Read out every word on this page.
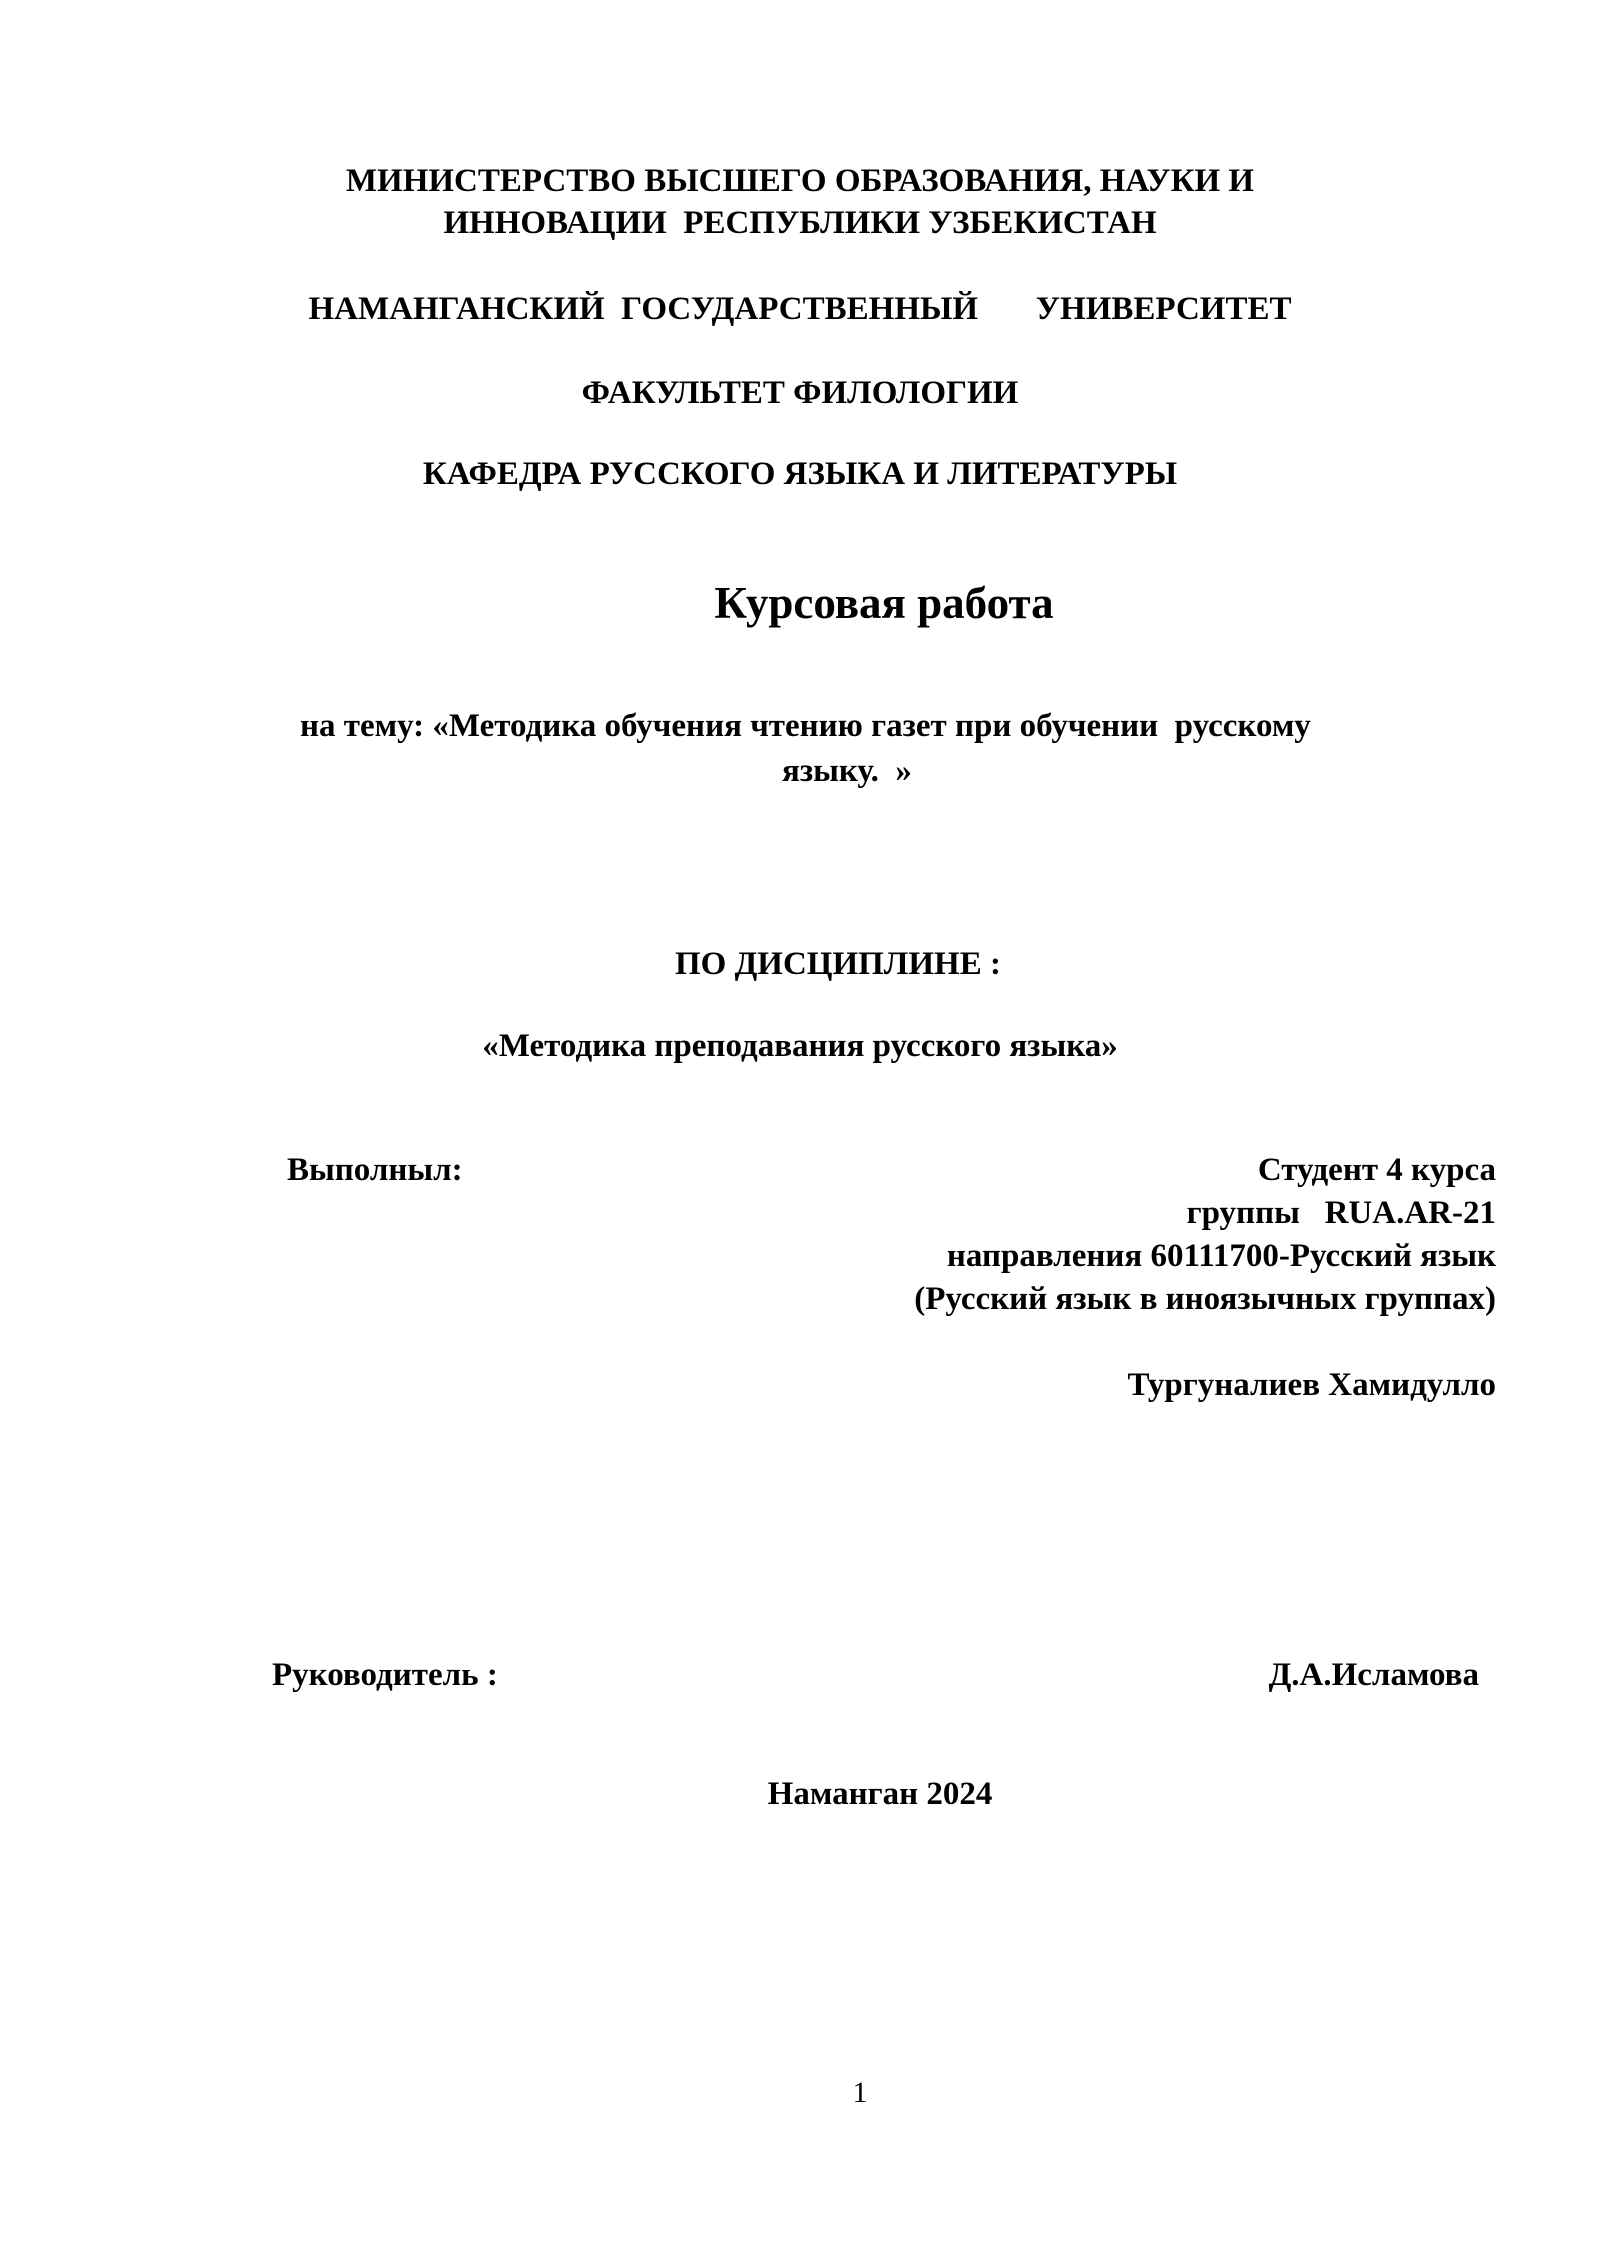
МИНИСТЕРСТВО ВЫСШЕГО ОБРАЗОВАНИЯ, НАУКИ И

ИННОВАЦИИ  РЕСПУБЛИКИ УЗБЕКИСТАН

НАМАНГАНСКИЙ  ГОСУДАРСТВЕННЫЙ       УНИВЕРСИТЕТ

ФАКУЛЬТЕТ ФИЛОЛОГИИ

КАФЕДРА РУССКОГО ЯЗЫКА И ЛИТЕРАТУРЫ

Курсовая работа

на тему: «Методика обучения чтению газет при обучении  русскому

языку.  »

ПО ДИСЦИПЛИНЕ :

«Методика преподавания русского языка»

Выполныл:	Студент 4 курса

группы   RUA.AR-21

направления 60111700-Русский язык

(Русский язык в иноязычных группах)

Тургуналиев Хамидулло

Руководитель :	Д.А.Исламова

Наманган 2024

1
